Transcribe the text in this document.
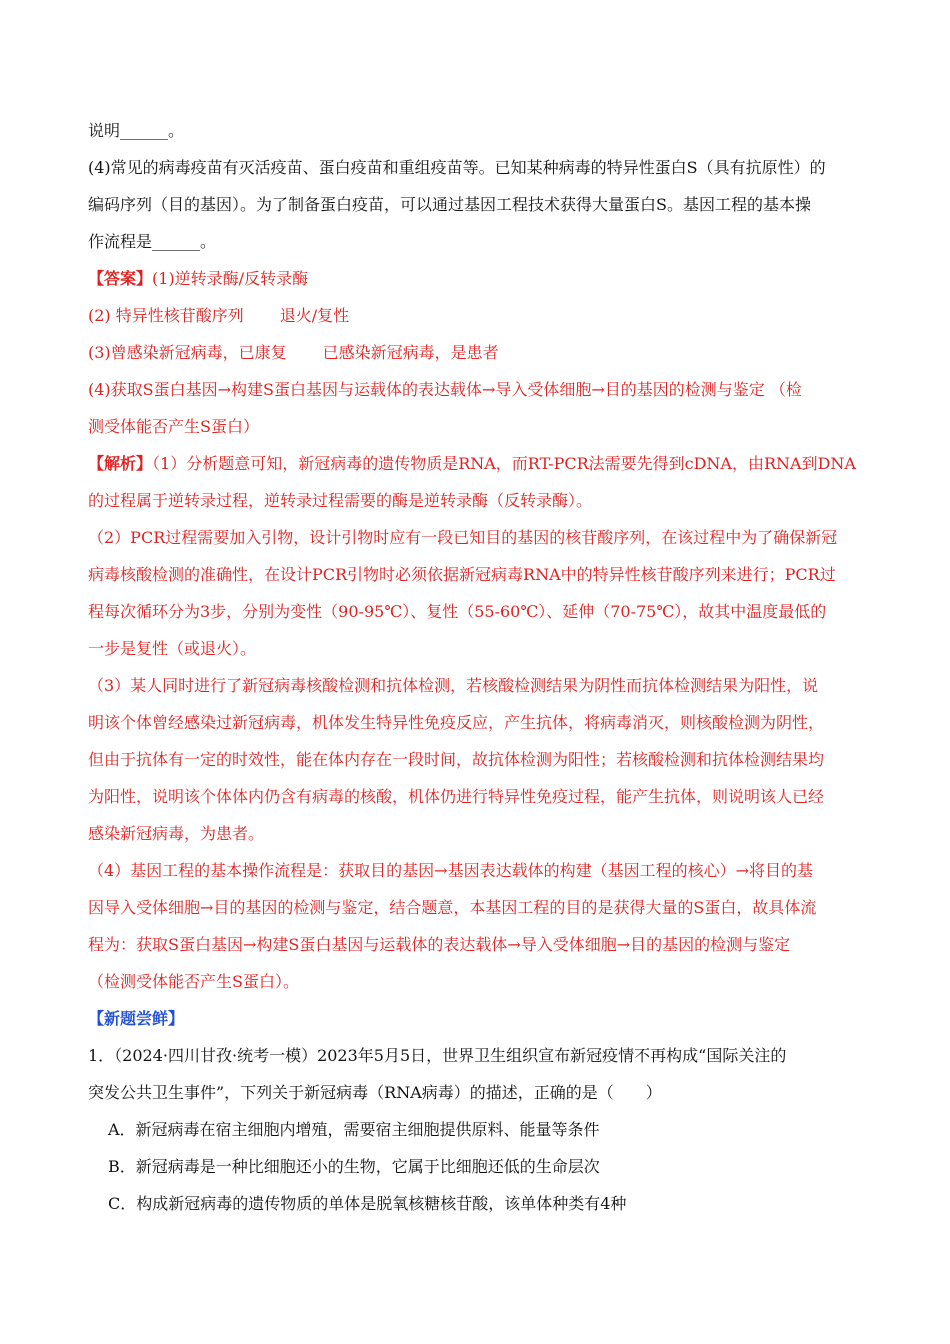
说明______。
(4)常见的病毒疫苗有灭活疫苗、蛋白疫苗和重组疫苗等。已知某种病毒的特异性蛋白S（具有抗原性）的
编码序列（目的基因）。为了制备蛋白疫苗，可以通过基因工程技术获得大量蛋白S。基因工程的基本操
作流程是______。
【答案】(1)逆转录酶/反转录酶
(2) 特异性核苷酸序列 退火/复性
(3)曾感染新冠病毒，已康复 已感染新冠病毒，是患者
(4)获取S蛋白基因→构建S蛋白基因与运载体的表达载体→导入受体细胞→目的基因的检测与鉴定 （检
测受体能否产生S蛋白）
【解析】（1）分析题意可知，新冠病毒的遗传物质是RNA，而RT-PCR法需要先得到cDNA，由RNA到DNA
的过程属于逆转录过程，逆转录过程需要的酶是逆转录酶（反转录酶）。
（2）PCR过程需要加入引物，设计引物时应有一段已知目的基因的核苷酸序列，在该过程中为了确保新冠
病毒核酸检测的准确性，在设计PCR引物时必须依据新冠病毒RNA中的特异性核苷酸序列来进行；PCR过
程每次循环分为3步，分别为变性（90-95℃）、复性（55-60℃）、延伸（70-75℃），故其中温度最低的
一步是复性（或退火）。
（3）某人同时进行了新冠病毒核酸检测和抗体检测，若核酸检测结果为阴性而抗体检测结果为阳性，说
明该个体曾经感染过新冠病毒，机体发生特异性免疫反应，产生抗体，将病毒消灭，则核酸检测为阴性，
但由于抗体有一定的时效性，能在体内存在一段时间，故抗体检测为阳性；若核酸检测和抗体检测结果均
为阳性，说明该个体体内仍含有病毒的核酸，机体仍进行特异性免疫过程，能产生抗体，则说明该人已经
感染新冠病毒，为患者。
（4）基因工程的基本操作流程是：获取目的基因→基因表达载体的构建（基因工程的核心）→将目的基
因导入受体细胞→目的基因的检测与鉴定，结合题意，本基因工程的目的是获得大量的S蛋白，故具体流
程为：获取S蛋白基因→构建S蛋白基因与运载体的表达载体→导入受体细胞→目的基因的检测与鉴定
（检测受体能否产生S蛋白）。
【新题尝鲜】
1．（2024·四川甘孜·统考一模）2023年5月5日，世界卫生组织宣布新冠疫情不再构成“国际关注的
突发公共卫生事件”，下列关于新冠病毒（RNA病毒）的描述，正确的是（　　）
A．新冠病毒在宿主细胞内增殖，需要宿主细胞提供原料、能量等条件
B．新冠病毒是一种比细胞还小的生物，它属于比细胞还低的生命层次
C．构成新冠病毒的遗传物质的单体是脱氧核糖核苷酸，该单体种类有4种
